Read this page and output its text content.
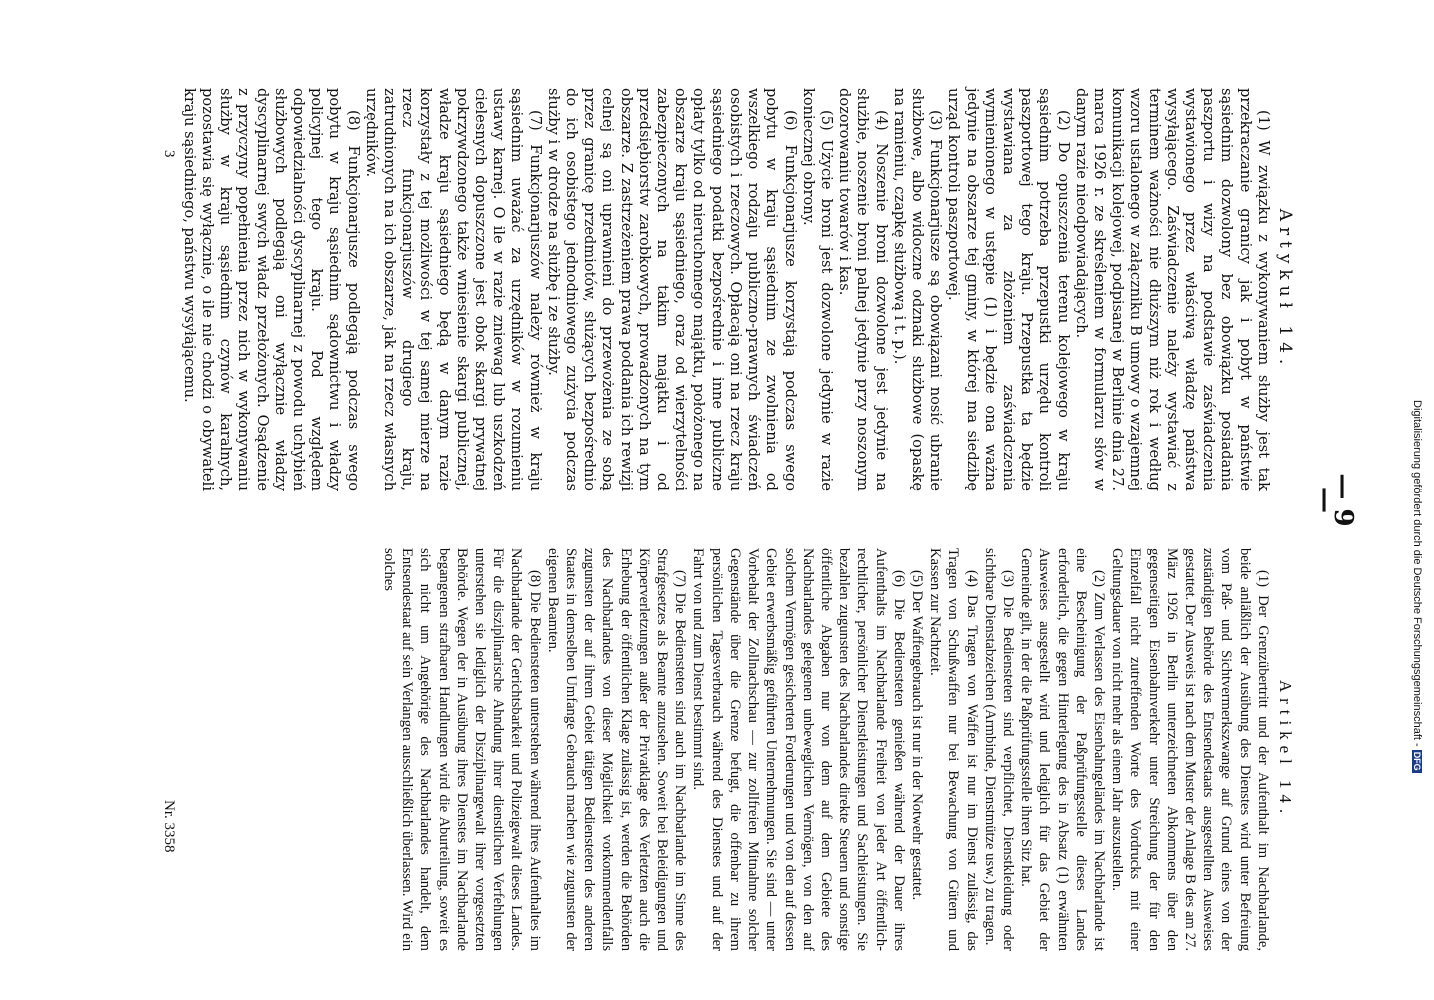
— 9 —
Artykuł 14.

(1) W związku z wykonywaniem służby jest tak przekraczanie granicy jak i pobyt w państwie sąsiednim dozwolony bez obowiązku posiadania paszportu i wizy na podstawie zaświadczenia wystawionego przez właściwą władzę państwa wysyłającego. Zaświadczenie należy wystawiać z terminem ważności nie dłuższym niż rok i według wzoru ustalonego w załączniku B umowy o wzajemnej komunikacji kolejowej, podpisanej w Berlinie dnia 27. marca 1926 r. ze skreśleniem w formularzu słów w danym razie nieodpowiadających.

(2) Do opuszczenia terenu kolejowego w kraju sąsiednim potrzeba przepustki urzędu kontroli paszportowej tego kraju. Przepustka ta będzie wystawiana za złożeniem zaświadczenia wymienionego w ustępie (1) i będzie ona ważna jedynie na obszarze tej gminy, w której ma siedzibę urząd kontroli paszportowej.

(3) Funkcjonarjusze są obowiązani nosić ubranie służbowe, albo widoczne odznaki służbowe (opaskę na ramieniu, czapkę służbową i t. p.).

(4) Noszenie broni dozwolone jest jedynie na służbie, noszenie broni palnej jedynie przy noszonym dozorowaniu towarów i kas.

(5) Użycie broni jest dozwolone jedynie w razie koniecznej obrony.

(6) Funkcjonarjusze korzystają podczas swego pobytu w kraju sąsiednim ze zwolnienia od wszelkiego rodzaju publiczno-prawnych świadczeń osobistych i rzeczowych. Opłacają oni na rzecz kraju sąsiedniego podatki bezpośrednie i inne publiczne opłaty tylko od nieruchomego majątku, położonego na obszarze kraju sąsiedniego, oraz od wierzytelności zabezpieczonych na takim majątku i od przedsiębiorstw zarobkowych, prowadzonych na tym obszarze. Z zastrzeżeniem prawa poddania ich rewizji celnej są oni uprawnieni do przewożenia ze sobą przez granicę przedmiotów, służących bezpośrednio do ich osobistego jednodniowego zużycia podczas służby i w drodze na służbę i ze służby.

(7) Funkcjonarjuszów należy również w kraju sąsiednim uważać za urzędników w rozumieniu ustawy karnej. O ile w razie zniewag lub uszkodzeń cielesnych dopuszczone jest obok skargi prywatnej pokrzywdzonego także wniesienie skargi publicznej, władze kraju sąsiedniego będą w danym razie korzystały z tej możliwości w tej samej mierze na rzecz funkcjonarjuszów drugiego kraju, zatrudnionych na ich obszarze, jak na rzecz własnych urzędników.

(8) Funkcjonarjusze podlegają podczas swego pobytu w kraju sąsiednim sądownictwu i władzy policyjnej tego kraju. Pod względem odpowiedzialności dyscyplinarnej z powodu uchybień służbowych podlegają oni wyłącznie władzy dyscyplinarnej swych władz przełożonych. Osądzenie z przyczyny popełnienia przez nich w wykonywaniu służby w kraju sąsiednim czynów karalnych, pozostawia się wyłącznie, o ile nie chodzi o obywateli kraju sąsiedniego, państwu wysyłającemu.

Artikel 14.

(1) Der Grenzübertritt und der Aufenthalt im Nachbarlande, beide anläßlich der Ausübung des Dienstes wird unter Befreiung vom Paß- und Sichtvermerkszwange auf Grund eines von der zuständigen Behörde des Entsendestaats ausgestellten Ausweises gestattet. Der Ausweis ist nach dem Muster der Anlage B des am 27. März 1926 in Berlin unterzeichneten Abkommens über den gegenseitigen Eisenbahnverkehr unter Streichung der für den Einzelfall nicht zutreffenden Worte des Vordrucks mit einer Geltungsdauer von nicht mehr als einem Jahr auszustellen.

(2) Zum Verlassen des Eisenbahngeländes im Nachbarlande ist eine Bescheinigung der Paßprüfungsstelle dieses Landes erforderlich, die gegen Hinterlegung des in Absatz (1) erwähnten Ausweises ausgestellt wird und lediglich für das Gebiet der Gemeinde gilt, in der die Paßprüfungsstelle ihren Sitz hat.

(3) Die Bediensteten sind verpflichtet, Dienstkleidung oder sichtbare Dienstabzeichen (Armbinde, Dienstmütze usw.) zu tragen.

(4) Das Tragen von Waffen ist nur im Dienst zulässig, das Tragen von Schußwaffen nur bei Bewachung von Gütern und Kassen zur Nachtzeit.

(5) Der Waffengebrauch ist nur in der Notwehr gestattet.

(6) Die Bediensteten genießen während der Dauer ihres Aufenthalts im Nachbarlande Freiheit von jeder Art öffentlich-rechtlicher, persönlicher Dienstleistungen und Sachleistungen. Sie bezahlen zugunsten des Nachbarlandes direkte Steuern und sonstige öffentliche Abgaben nur von dem auf dem Gebiete des Nachbarlandes gelegenen unbeweglichen Vermögen, von den auf solchem Vermögen gesicherten Forderungen und von den auf dessen Gebiet erwerbsmäßig geführten Unternehmungen. Sie sind — unter Vorbehalt der Zollnachschau — zur zollfreien Mitnahme solcher Gegenstände über die Grenze befugt, die offenbar zu ihrem persönlichen Tagesverbrauch während des Dienstes und auf der Fahrt von und zum Dienst bestimmt sind.

(7) Die Bediensteten sind auch im Nachbarlande im Sinne des Strafgesetzes als Beamte anzusehen. Soweit bei Beleidigungen und Körperverletzungen außer der Privatklage des Verletzten auch die Erhebung der öffentlichen Klage zulässig ist, werden die Behörden des Nachbarlandes von dieser Möglichkeit vorkommendenfalls zugunsten der auf ihrem Gebiet tätigen Bediensteten des anderen Staates in demselben Umfange Gebrauch machen wie zugunsten der eigenen Beamten.

(8) Die Bediensteten unterstehen während ihres Aufenthaltes im Nachbarlande der Gerichtsbarkeit und Polizeigewalt dieses Landes. Für die disziplinarische Ahndung ihrer dienstlichen Verfehlungen unterstehen sie lediglich der Disziplinargewalt ihrer vorgesetzten Behörde. Wegen der in Ausübung ihres Dienstes im Nachbarlande begangenen strafbaren Handlungen wird die Aburteilung, soweit es sich nicht um Angehörige des Nachbarlandes handelt, dem Entsendestaat auf sein Verlangen ausschließlich überlassen. Wird ein solches

3
Nr. 3358
Digitalisierung gefördert durch die Deutsche Forschungsgemeinschaft -DFG
